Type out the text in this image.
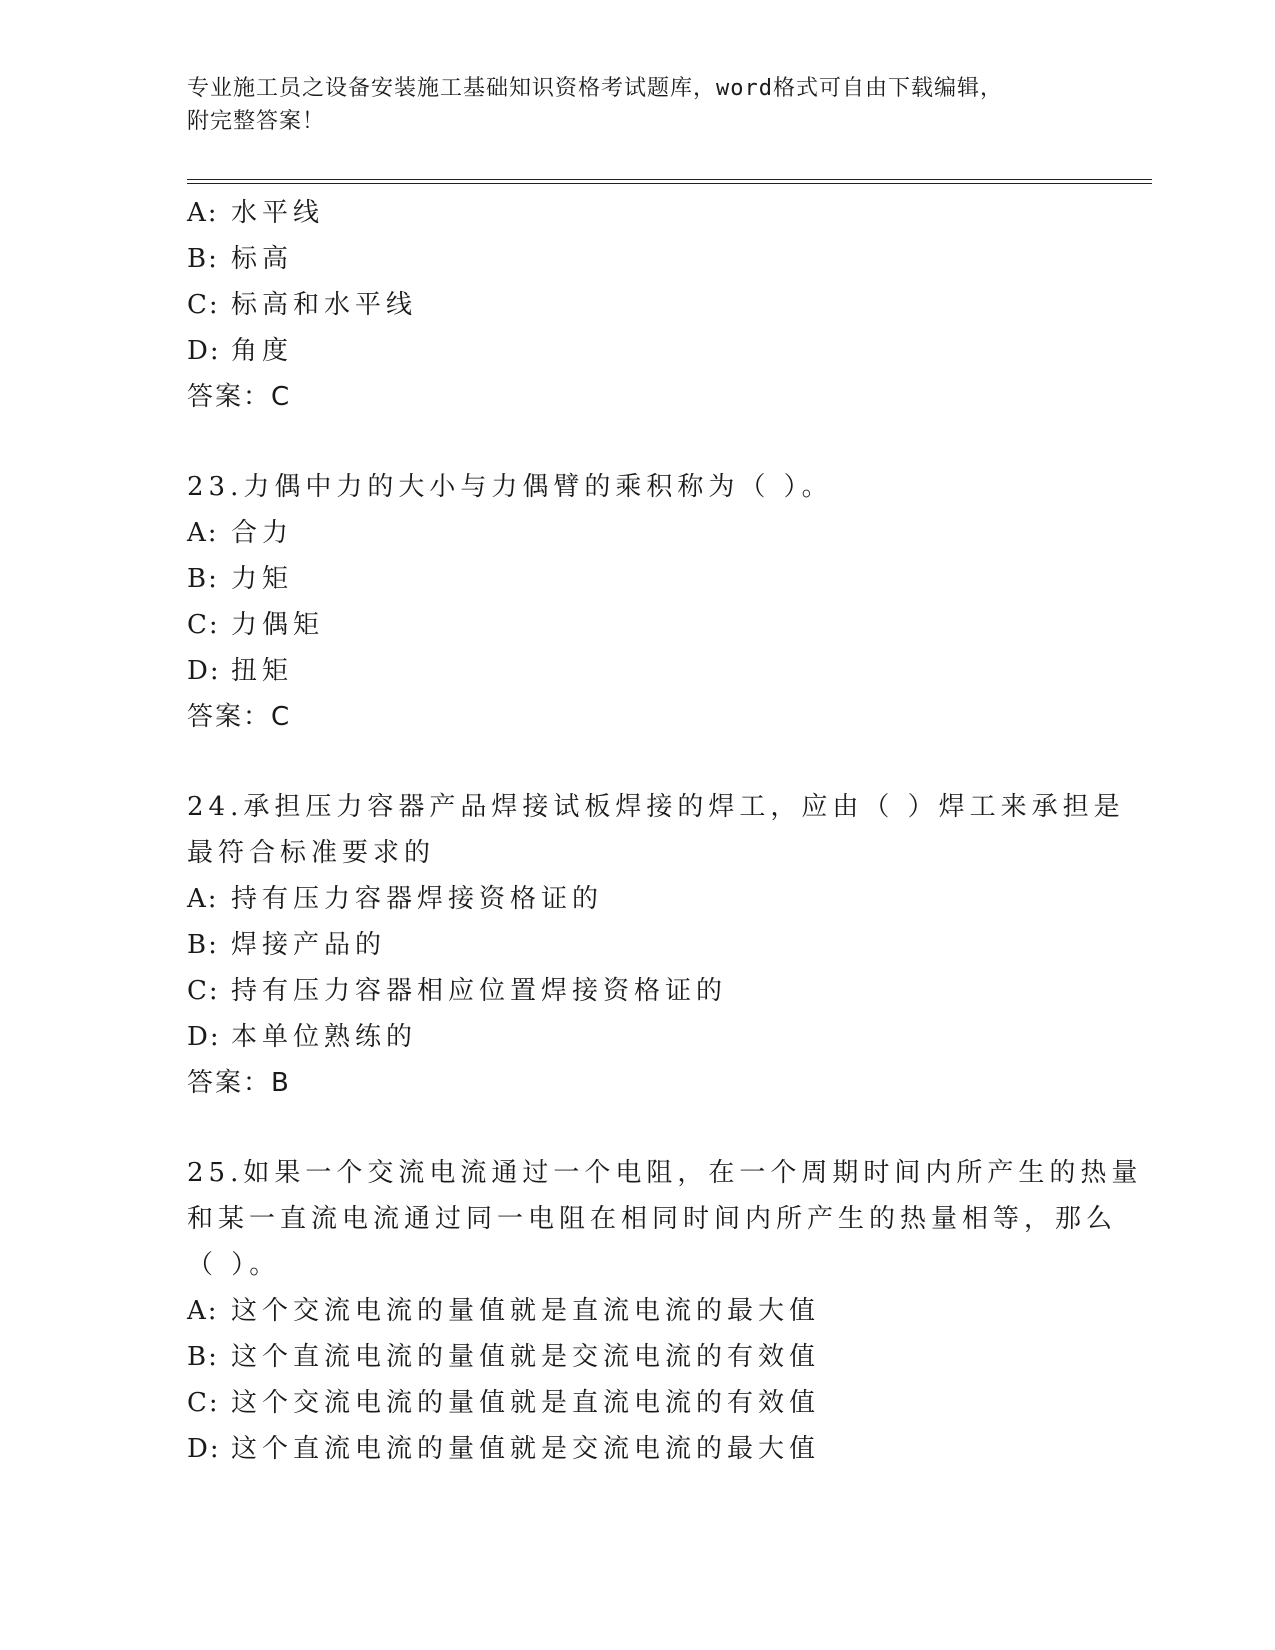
专业施工员之设备安装施工基础知识资格考试题库，word格式可自由下载编辑，
附完整答案！
A: 水平线
B: 标高
C: 标高和水平线
D: 角度
答案：C
23.力偶中力的大小与力偶臂的乘积称为（ ）。
A: 合力
B: 力矩
C: 力偶矩
D: 扭矩
答案：C
24.承担压力容器产品焊接试板焊接的焊工，应由（ ）焊工来承担是
最符合标准要求的
A: 持有压力容器焊接资格证的
B: 焊接产品的
C: 持有压力容器相应位置焊接资格证的
D: 本单位熟练的
答案：B
25.如果一个交流电流通过一个电阻，在一个周期时间内所产生的热量
和某一直流电流通过同一电阻在相同时间内所产生的热量相等，那么
（ ）。
A: 这个交流电流的量值就是直流电流的最大值
B: 这个直流电流的量值就是交流电流的有效值
C: 这个交流电流的量值就是直流电流的有效值
D: 这个直流电流的量值就是交流电流的最大值
